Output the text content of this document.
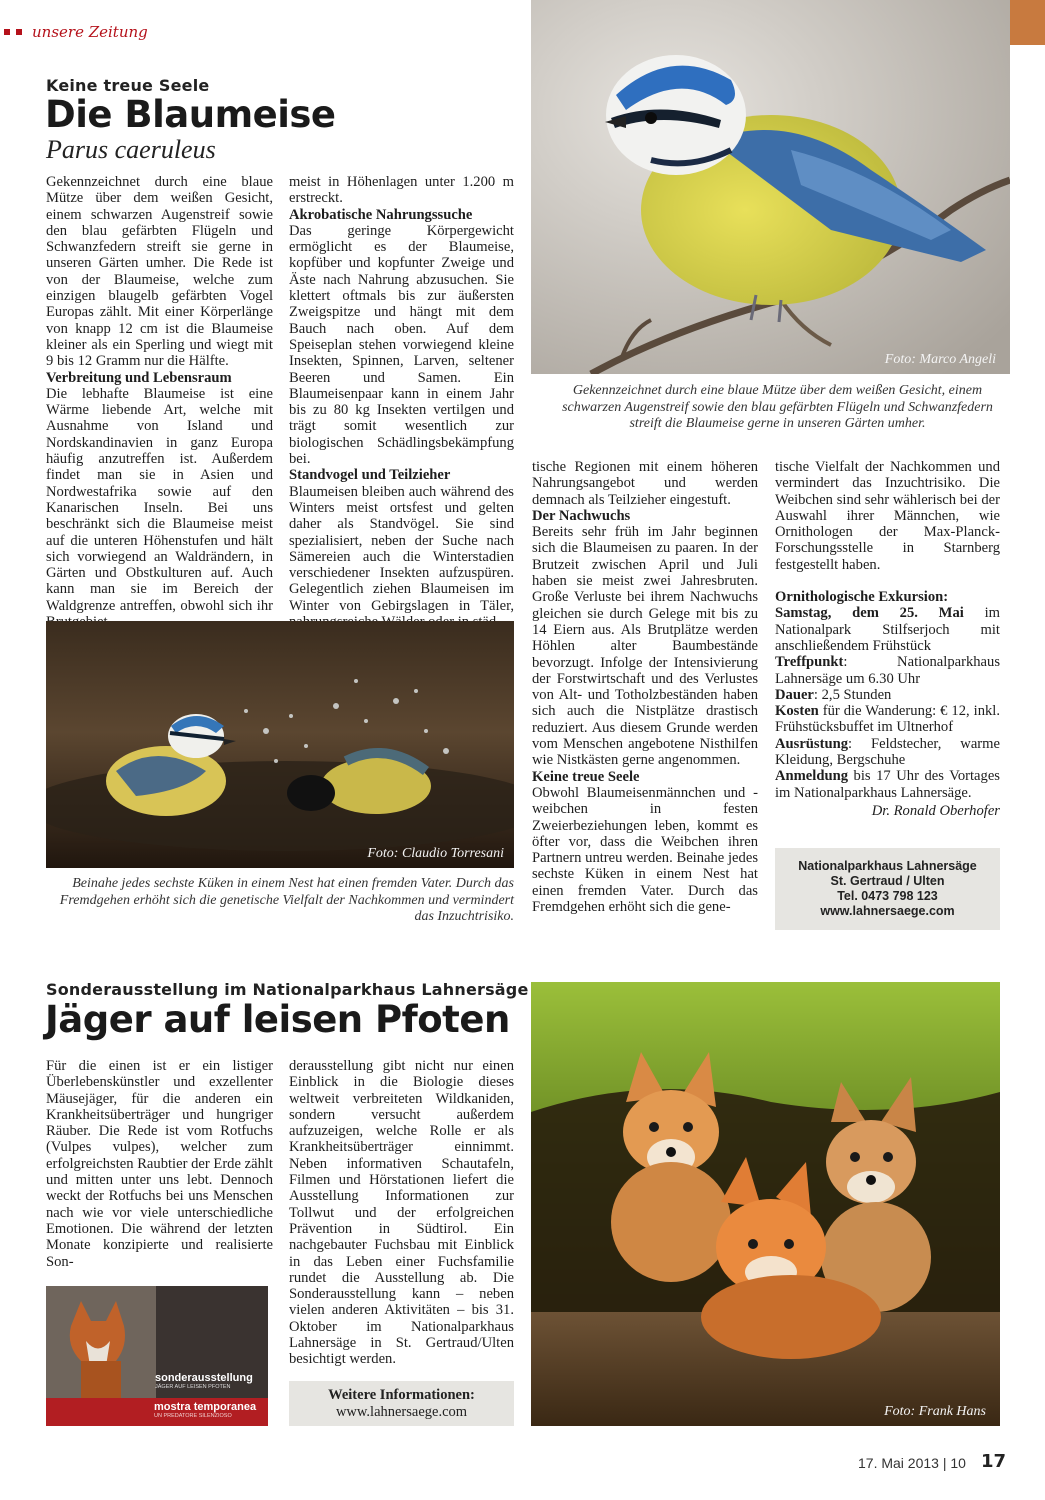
unsere Zeitung
Keine treue Seele
Die Blaumeise
Parus caeruleus
Foto: Marco Angeli
Gekennzeichnet durch eine blaue Mütze über dem weißen Gesicht, einem schwarzen Augenstreif sowie den blau gefärbten Flügeln und Schwanzfedern streift die Blaumeise gerne in unseren Gärten umher.
Gekennzeichnet durch eine blaue Mütze über dem weißen Gesicht, einem schwarzen Augenstreif sowie den blau gefärbten Flügeln und Schwanzfedern streift sie gerne in unseren Gärten umher. Die Rede ist von der Blaumeise, welche zum einzigen blaugelb gefärbten Vogel Europas zählt. Mit einer Körperlänge von knapp 12 cm ist die Blaumeise kleiner als ein Sperling und wiegt mit 9 bis 12 Gramm nur die Hälfte.
Verbreitung und Lebensraum
Die lebhafte Blaumeise ist eine Wärme liebende Art, welche mit Ausnahme von Island und Nordskandinavien in ganz Europa häufig anzutreffen ist. Außerdem findet man sie in Asien und Nordwestafrika sowie auf den Kanarischen Inseln. Bei uns beschränkt sich die Blaumeise meist auf die unteren Höhenstufen und hält sich vorwiegend an Waldrändern, in Gärten und Obstkulturen auf. Auch kann man sie im Bereich der Waldgrenze antreffen, obwohl sich ihr
meist in Höhenlagen unter 1.200 m erstreckt.
Akrobatische Nahrungssuche
Das geringe Körpergewicht ermöglicht es der Blaumeise, kopfüber und kopfunter Zweige und Äste nach Nahrung abzusuchen. Sie klettert oftmals bis zur äußersten Zweigspitze und hängt mit dem Bauch nach oben. Auf dem Speiseplan stehen vorwiegend kleine Insekten, Spinnen, Larven, seltener Beeren und Samen. Ein Blaumeisenpaar kann in einem Jahr bis zu 80 kg Insekten vertilgen und trägt somit wesentlich zur biologischen Schädlingsbekämpfung bei.
Standvogel und Teilzieher
Blaumeisen bleiben auch während des Winters meist ortsfest und gelten daher als Standvögel. Sie sind spezialisiert, neben der Suche nach Sämereien auch die Winterstadien verschiedener Insekten aufzuspüren. Gelegentlich ziehen Blaumeisen im Winter von Gebirgslagen in Täler,
tische Regionen mit einem höheren Nahrungsangebot und werden demnach als Teilzieher eingestuft.
Der Nachwuchs
Bereits sehr früh im Jahr beginnen sich die Blaumeisen zu paaren. In der Brutzeit zwischen April und Juli haben sie meist zwei Jahresbruten. Große Verluste bei ihrem Nachwuchs gleichen sie durch Gelege mit bis zu 14 Eiern aus. Als Brutplätze werden Höhlen alter Baumbestände bevorzugt. Infolge der Intensivierung der Forstwirtschaft und des Verlustes von Alt- und Totholzbeständen haben sich auch die Nistplätze drastisch reduziert. Aus diesem Grunde werden vom Menschen angebotene Nisthilfen wie Nistkästen gerne angenommen.
Keine treue Seele
Obwohl Blaumeisenmännchen und -weibchen in festen Zweierbeziehungen leben, kommt es öfter vor, dass die Weibchen ihren Partnern untreu werden. Beinahe jedes sechste Küken in einem Nest hat einen fremden Vater. Durch das Fremdgehen erhöht sich die gene-
tische Vielfalt der Nachkommen und vermindert das Inzuchtrisiko. Die Weibchen sind sehr wählerisch bei der Auswahl ihrer Männchen, wie Ornithologen der Max-Planck-Forschungsstelle in Starnberg festgestellt haben.
Ornithologische Exkursion:
Samstag, dem 25. Mai im Nationalpark Stilfserjoch mit anschließendem Frühstück
Treffpunkt: Nationalparkhaus Lahnersäge um 6.30 Uhr
Dauer: 2,5 Stunden
Kosten für die Wanderung: € 12, inkl. Frühstücksbuffet im Ultnerhof
Ausrüstung: Feldstecher, warme Kleidung, Bergschuhe
Anmeldung bis 17 Uhr des Vortages im Nationalparkhaus Lahnersäge.
Dr. Ronald Oberhofer
Nationalparkhaus Lahnersäge
St. Gertraud / Ulten
Tel. 0473 798 123
www.lahnersaege.com
Foto: Claudio Torresani
Beinahe jedes sechste Küken in einem Nest hat einen fremden Vater. Durch das Fremdgehen erhöht sich die genetische Vielfalt der Nachkommen und vermindert das Inzuchtrisiko.
Sonderausstellung im Nationalparkhaus Lahnersäge
Jäger auf leisen Pfoten
Für die einen ist er ein listiger Überlebenskünstler und exzellenter Mäusejäger, für die anderen ein Krankheitsüberträger und hungriger Räuber. Die Rede ist vom Rotfuchs (Vulpes vulpes), welcher zum erfolgreichsten Raubtier der Erde zählt und mitten unter uns lebt. Dennoch weckt der Rotfuchs bei uns Menschen nach wie vor viele unterschiedliche Emotionen. Die während der letzten Monate konzipierte und realisierte Son-
derausstellung gibt nicht nur einen Einblick in die Biologie dieses weltweit verbreiteten Wildkaniden, sondern versucht außerdem aufzuzeigen, welche Rolle er als Krankheitsüberträger einnimmt. Neben informativen Schautafeln, Filmen und Hörstationen liefert die Ausstellung Informationen zur Tollwut und der erfolgreichen Prävention in Südtirol. Ein nachgebauter Fuchsbau mit Einblick in das Leben einer Fuchsfamilie rundet die Ausstellung ab. Die Sonderausstellung kann – neben vielen anderen Aktivitäten – bis 31. Oktober im Nationalparkhaus Lahnersäge in St. Gertraud/Ulten besichtigt werden.
sonderausstellung
JÄGER AUF LEISEN PFOTEN
mostra temporanea
UN PREDATORE SILENZIOSO
Weitere Informationen:
www.lahnersaege.com	Foto: Frank Hans
17. Mai 2013 | 10 17
